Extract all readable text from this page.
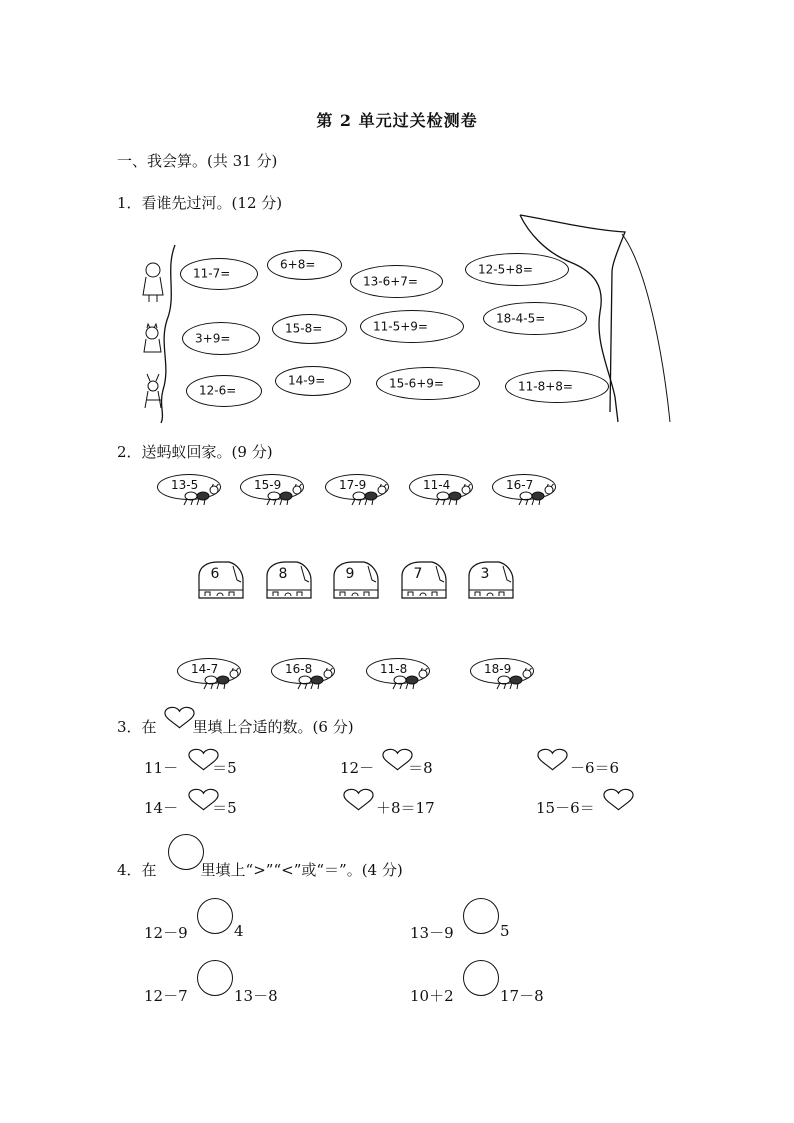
第 2 单元过关检测卷
一、我会算。(共 31 分)
1．看谁先过河。(12 分)
11-7=
6+8=
13-6+7=
12-5+8=
3+9=
15-8=	11-5+9=
18-4-5=
12-6=
14-9=	15-6+9=	11-8+8=
2．送蚂蚁回家。(9 分)
13-5	15-9	17-9	11-4	16-7
6	8	9	7	3
14-7	16-8	11-8	18-9
3．在 里填上合适的数。(6 分)
11－ ＝5	12－ ＝8	－6＝6
14－ ＝5	＋8＝17	15－6＝
4．在	里填上“>”“<”或“＝”。(4 分)
12－9	4	13－9	5
12－7	13－8	10＋2	17－8
